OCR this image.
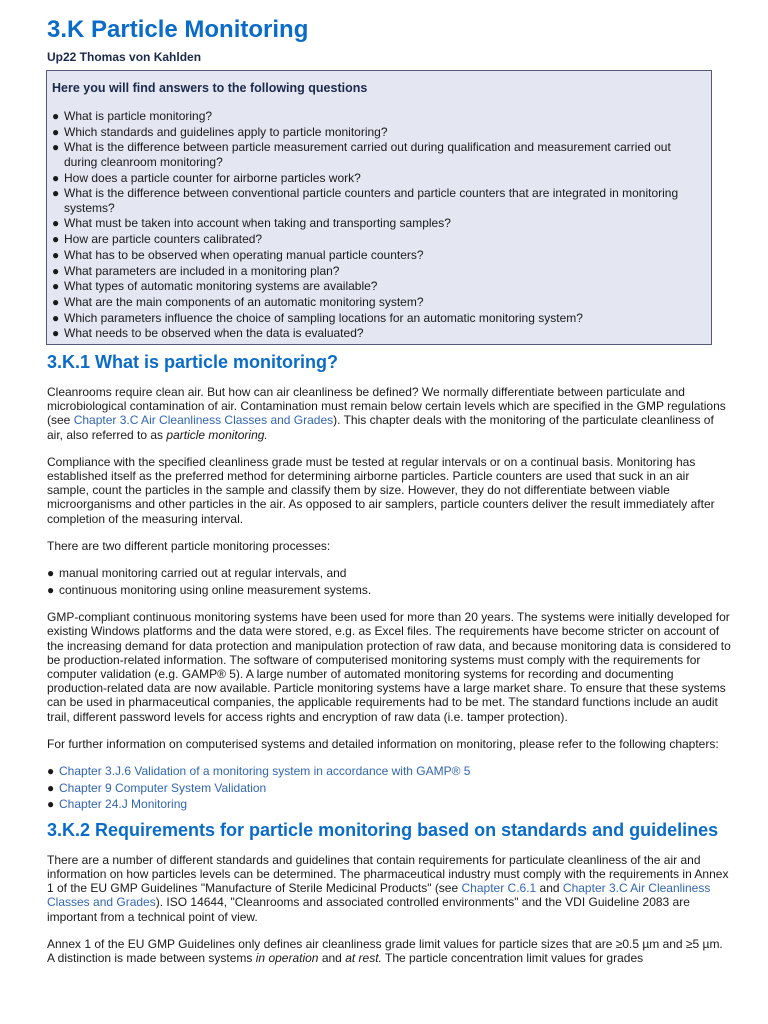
3.K Particle Monitoring
Up22 Thomas von Kahlden
Here you will find answers to the following questions
● What is particle monitoring?
● Which standards and guidelines apply to particle monitoring?
● What is the difference between particle measurement carried out during qualification and measurement carried out during cleanroom monitoring?
● How does a particle counter for airborne particles work?
● What is the difference between conventional particle counters and particle counters that are integrated in monitoring systems?
● What must be taken into account when taking and transporting samples?
● How are particle counters calibrated?
● What has to be observed when operating manual particle counters?
● What parameters are included in a monitoring plan?
● What types of automatic monitoring systems are available?
● What are the main components of an automatic monitoring system?
● Which parameters influence the choice of sampling locations for an automatic monitoring system?
● What needs to be observed when the data is evaluated?
3.K.1 What is particle monitoring?

Cleanrooms require clean air. But how can air cleanliness be defined? We normally differentiate between particulate and microbiological contamination of air. Contamination must remain below certain levels which are specified in the GMP regulations (see Chapter 3.C Air Cleanliness Classes and Grades). This chapter deals with the monitoring of the particulate cleanliness of air, also referred to as particle monitoring.

Compliance with the specified cleanliness grade must be tested at regular intervals or on a continual basis. Monitoring has established itself as the preferred method for determining airborne particles. Particle counters are used that suck in an air sample, count the particles in the sample and classify them by size. However, they do not differentiate between viable microorganisms and other particles in the air. As opposed to air samplers, particle counters deliver the result immediately after completion of the measuring interval.

There are two different particle monitoring processes:

● manual monitoring carried out at regular intervals, and
● continuous monitoring using online measurement systems.

GMP-compliant continuous monitoring systems have been used for more than 20 years. The systems were initially developed for existing Windows platforms and the data were stored, e.g. as Excel files. The requirements have become stricter on account of the increasing demand for data protection and manipulation protection of raw data, and because monitoring data is considered to be production-related information. The software of computerised monitoring systems must comply with the requirements for computer validation (e.g. GAMP® 5). A large number of automated monitoring systems for recording and documenting production-related data are now available. Particle monitoring systems have a large market share. To ensure that these systems can be used in pharmaceutical companies, the applicable requirements had to be met. The standard functions include an audit trail, different password levels for access rights and encryption of raw data (i.e. tamper protection).

For further information on computerised systems and detailed information on monitoring, please refer to the following chapters:

● Chapter 3.J.6 Validation of a monitoring system in accordance with GAMP® 5
● Chapter 9 Computer System Validation
● Chapter 24.J Monitoring
3.K.2 Requirements for particle monitoring based on standards and guidelines

There are a number of different standards and guidelines that contain requirements for particulate cleanliness of the air and information on how particles levels can be determined. The pharmaceutical industry must comply with the requirements in Annex 1 of the EU GMP Guidelines "Manufacture of Sterile Medicinal Products" (see Chapter C.6.1 and Chapter 3.C Air Cleanliness Classes and Grades). ISO 14644, "Cleanrooms and associated controlled environments" and the VDI Guideline 2083 are important from a technical point of view.

Annex 1 of the EU GMP Guidelines only defines air cleanliness grade limit values for particle sizes that are ≥0.5 µm and ≥5 µm. A distinction is made between systems in operation and at rest. The particle concentration limit values for grades
